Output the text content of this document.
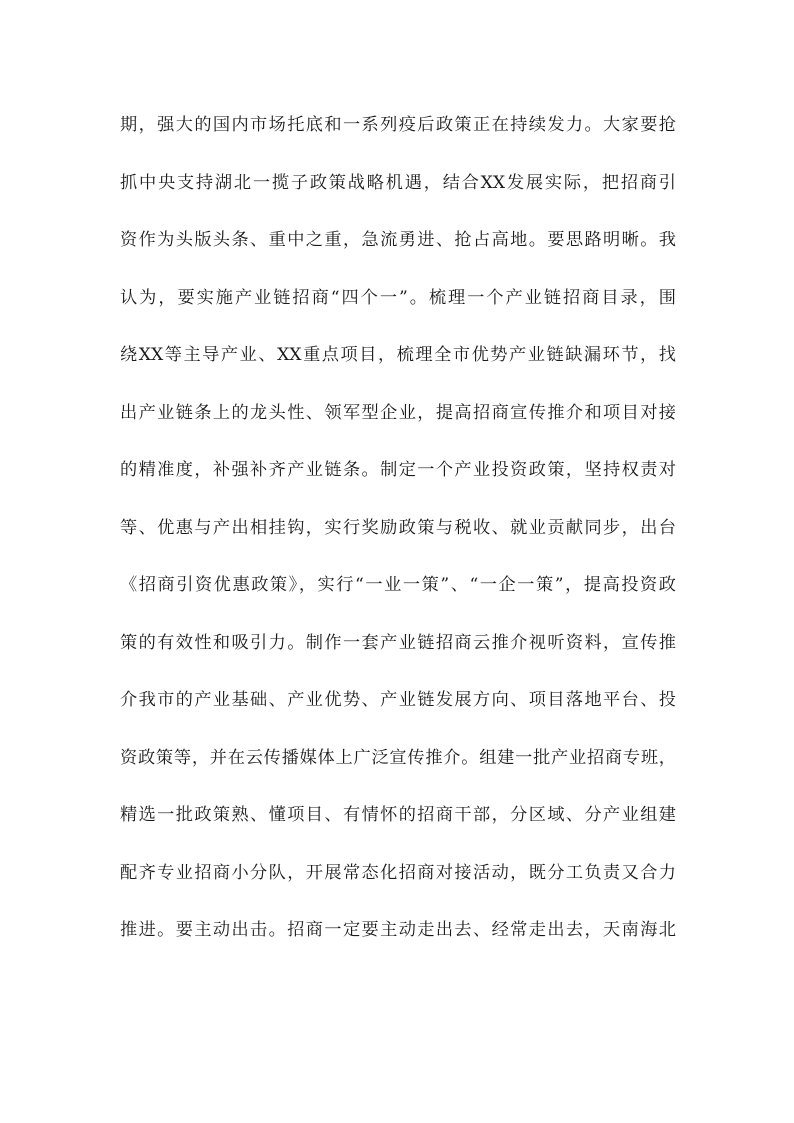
期，强大的国内市场托底和一系列疫后政策正在持续发力。大家要抢
抓中央支持湖北一揽子政策战略机遇，结合XX发展实际，把招商引
资作为头版头条、重中之重，急流勇进、抢占高地。要思路明晰。我
认为，要实施产业链招商“四个一”。梳理一个产业链招商目录，围
绕XX等主导产业、XX重点项目，梳理全市优势产业链缺漏环节，找
出产业链条上的龙头性、领军型企业，提高招商宣传推介和项目对接
的精准度，补强补齐产业链条。制定一个产业投资政策，坚持权责对
等、优惠与产出相挂钩，实行奖励政策与税收、就业贡献同步，出台
《招商引资优惠政策》，实行“一业一策”、“一企一策”，提高投资政
策的有效性和吸引力。制作一套产业链招商云推介视听资料，宣传推
介我市的产业基础、产业优势、产业链发展方向、项目落地平台、投
资政策等，并在云传播媒体上广泛宣传推介。组建一批产业招商专班，
精选一批政策熟、懂项目、有情怀的招商干部，分区域、分产业组建
配齐专业招商小分队，开展常态化招商对接活动，既分工负责又合力
推进。要主动出击。招商一定要主动走出去、经常走出去，天南海北
